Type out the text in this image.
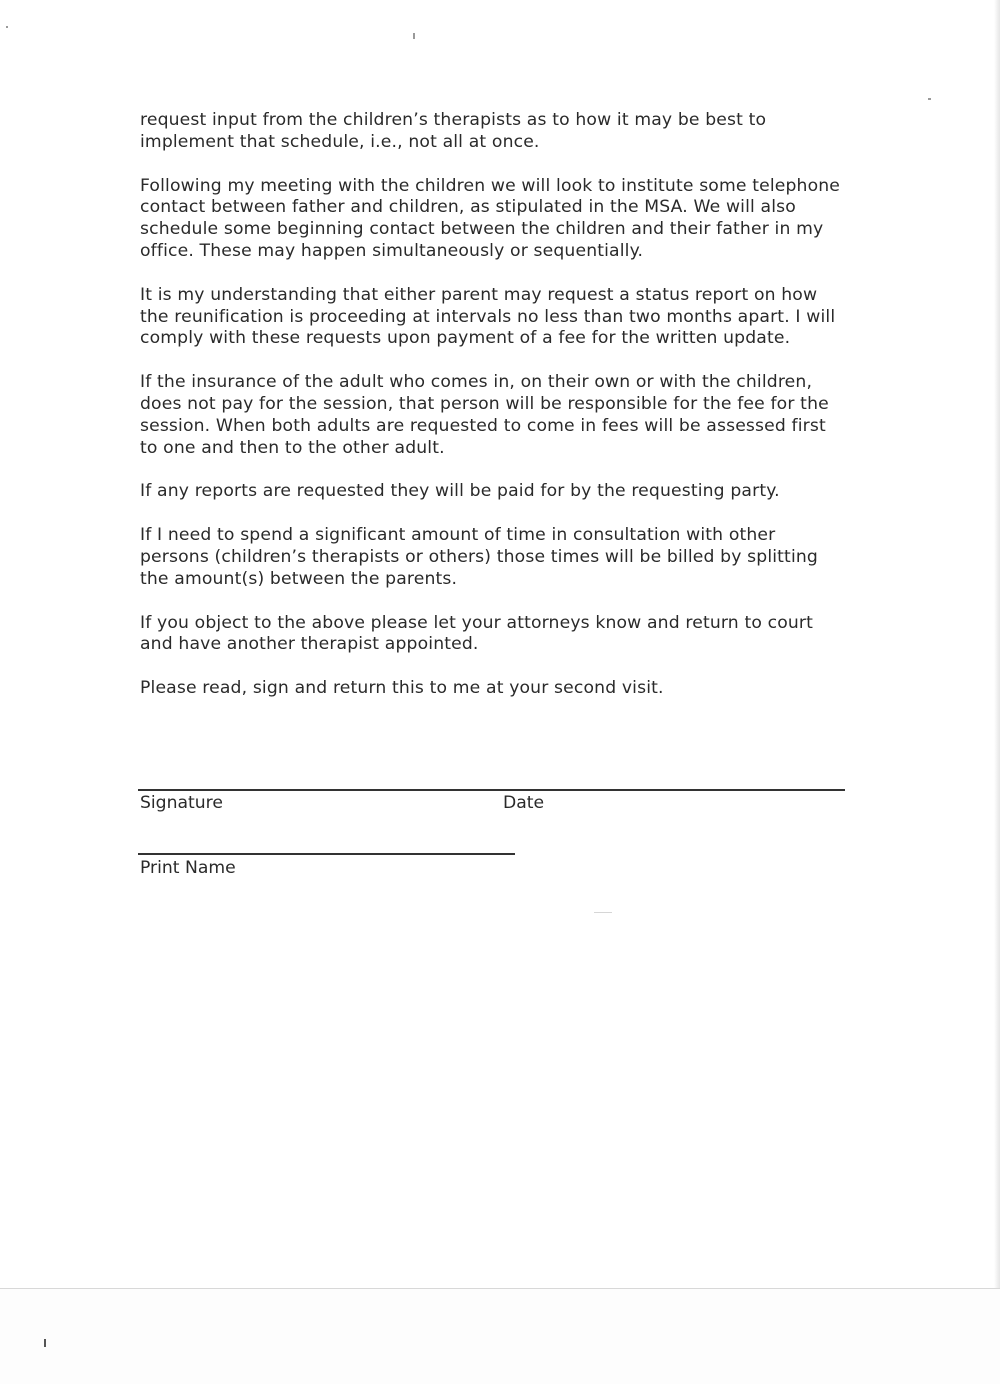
request input from the children’s therapists as to how it may be best to implement that schedule, i.e., not all at once.

Following my meeting with the children we will look to institute some telephone contact between father and children, as stipulated in the MSA. We will also schedule some beginning contact between the children and their father in my office. These may happen simultaneously or sequentially.

It is my understanding that either parent may request a status report on how the reunification is proceeding at intervals no less than two months apart. I will comply with these requests upon payment of a fee for the written update.

If the insurance of the adult who comes in, on their own or with the children, does not pay for the session, that person will be responsible for the fee for the session. When both adults are requested to come in fees will be assessed first to one and then to the other adult.

If any reports are requested they will be paid for by the requesting party.

If I need to spend a significant amount of time in consultation with other persons (children’s therapists or others) those times will be billed by splitting the amount(s) between the parents.

If you object to the above please let your attorneys know and return to court and have another therapist appointed.

Please read, sign and return this to me at your second visit.

Signature	Date
Print Name
